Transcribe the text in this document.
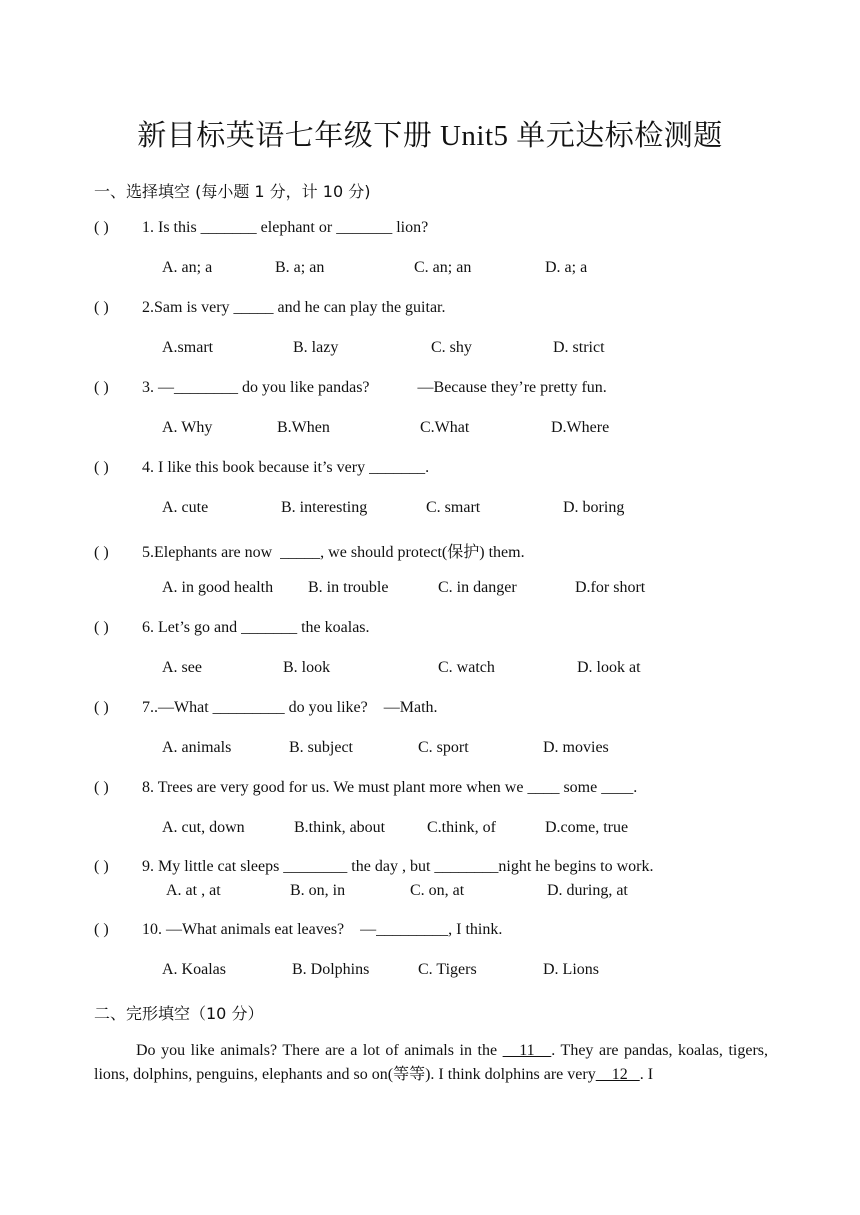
新目标英语七年级下册 Unit5 单元达标检测题
一、选择填空 (每小题 1 分，计 10 分)
( ) 1. Is this _______ elephant or _______ lion?
A. an; a	B. a; an	C. an; an	D. a; a
( ) 2.Sam is very _____ and he can play the guitar.
A.smart	B. lazy	C. shy	D. strict
( ) 3. —________ do you like pandas?            —Because they’re pretty fun.
A. Why	B.When	C.What	D.Where
( ) 4. I like this book because it’s very _______.
A. cute	B. interesting	C. smart	D. boring
( ) 5.Elephants are now  _____, we should protect(保护) them.
A. in good health B. in trouble	C. in danger	D.for short
( ) 6. Let’s go and _______ the koalas.
A. see	B. look	C. watch	D. look at
( ) 7..—What _________ do you like?    —Math.
A. animals	B. subject	C. sport	D. movies
( ) 8. Trees are very good for us. We must plant more when we ____ some ____.
A. cut, down	B.think, about	C.think, of	D.come, true
( ) 9. My little cat sleeps ________ the day , but ________night he begins to work.
A. at , at	B. on, in	C. on, at	D. during, at
( ) 10. —What animals eat leaves?    —_________, I think.
A. Koalas	B. Dolphins	C. Tigers	D. Lions
二、完形填空（10 分）
Do you like animals? There are a lot of animals in the    11   . They are pandas, koalas, tigers, lions, dolphins, penguins, elephants and so on(等等). I think dolphins are very    12   . I
